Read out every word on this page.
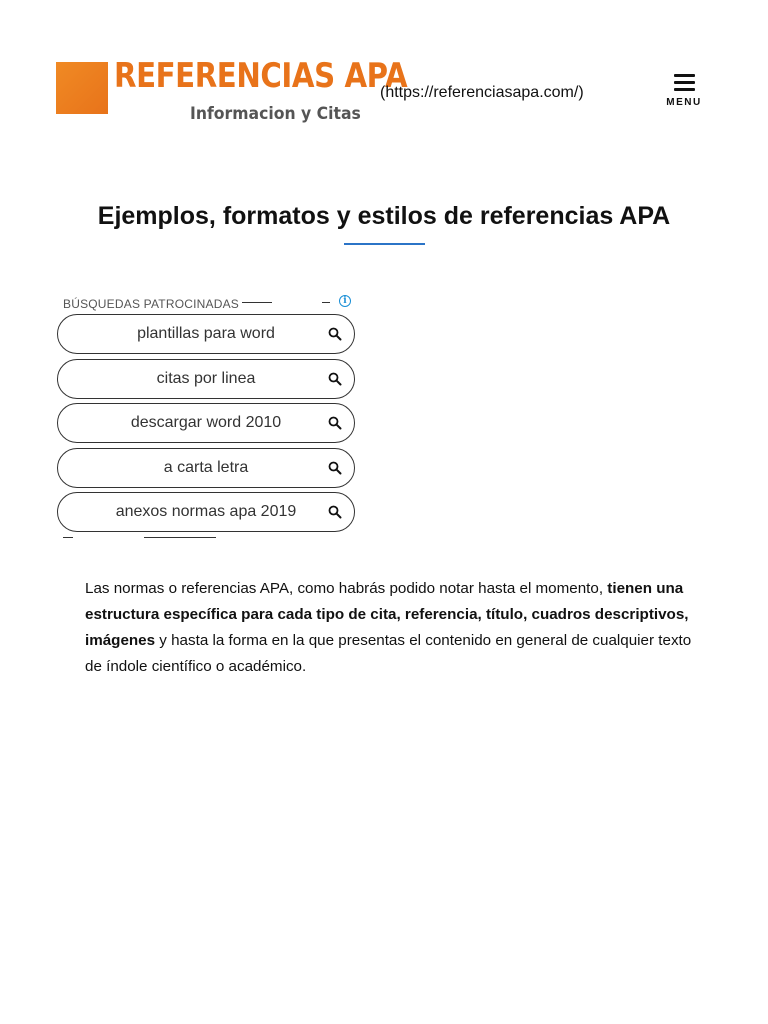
REFERENCIAS APA
Informacion y Citas
(https://referenciasapa.com/)
MENU
Ejemplos, formatos y estilos de referencias APA
BÚSQUEDAS PATROCINADAS	i
plantillas para word
citas por linea
descargar word 2010
a carta letra
anexos normas apa 2019

Las normas o referencias APA, como habrás podido notar hasta el momento, tienen una estructura específica para cada tipo de cita, referencia, título, cuadros descriptivos, imágenes y hasta la forma en la que presentas el contenido en general de cualquier texto de índole científico o académico.
